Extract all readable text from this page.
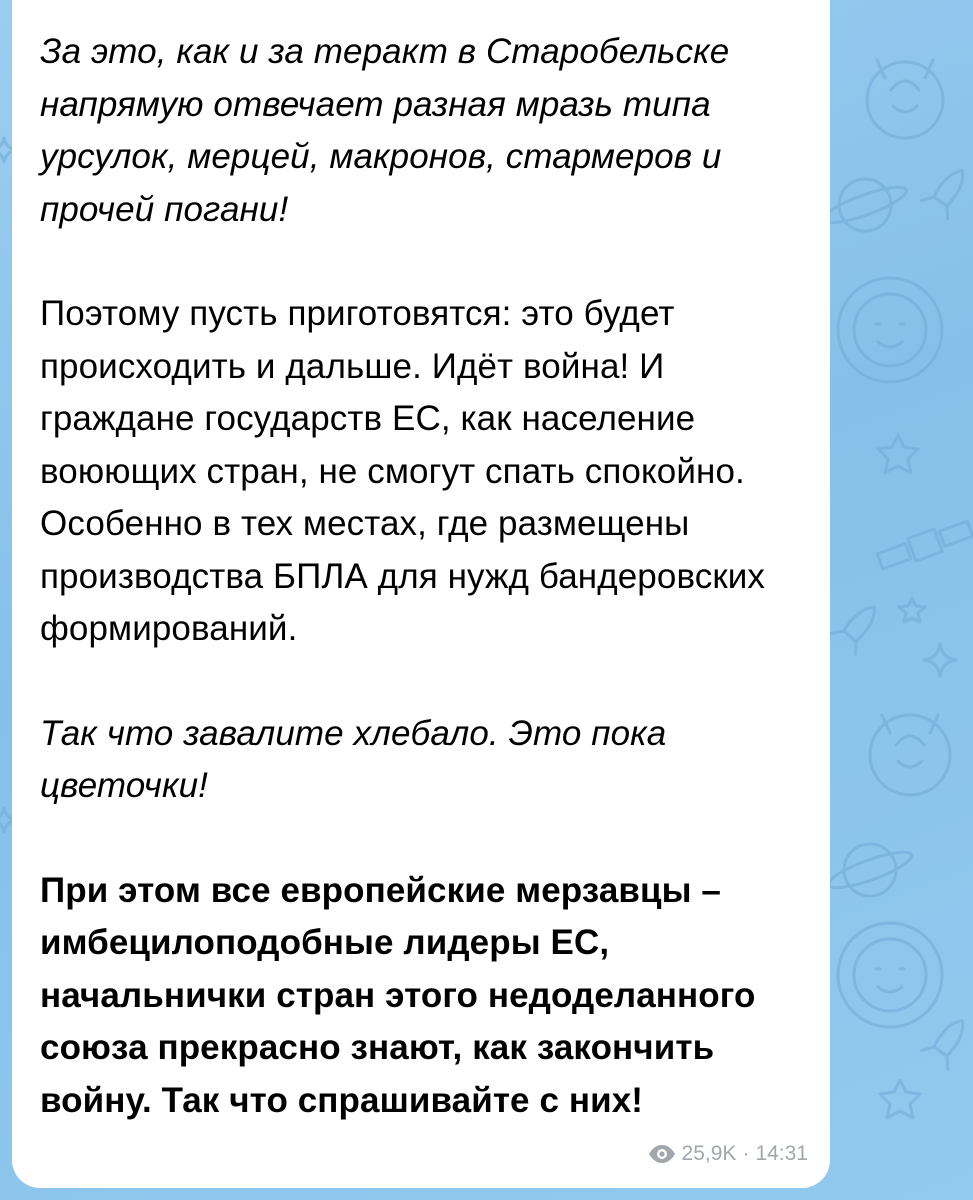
За это, как и за теракт в Старобельске напрямую отвечает разная мразь типа урсулок, мерцей, макронов, стармеров и прочей погани!

Поэтому пусть приготовятся: это будет происходить и дальше. Идёт война! И граждане государств ЕС, как население воюющих стран, не смогут спать спокойно. Особенно в тех местах, где размещены производства БПЛА для нужд бандеровских формирований.

Так что завалите хлебало. Это пока цветочки!

При этом все европейские мерзавцы – имбецилоподобные лидеры ЕС, начальнички стран этого недоделанного союза прекрасно знают, как закончить войну. Так что спрашивайте с них!

25,9K · 14:31
